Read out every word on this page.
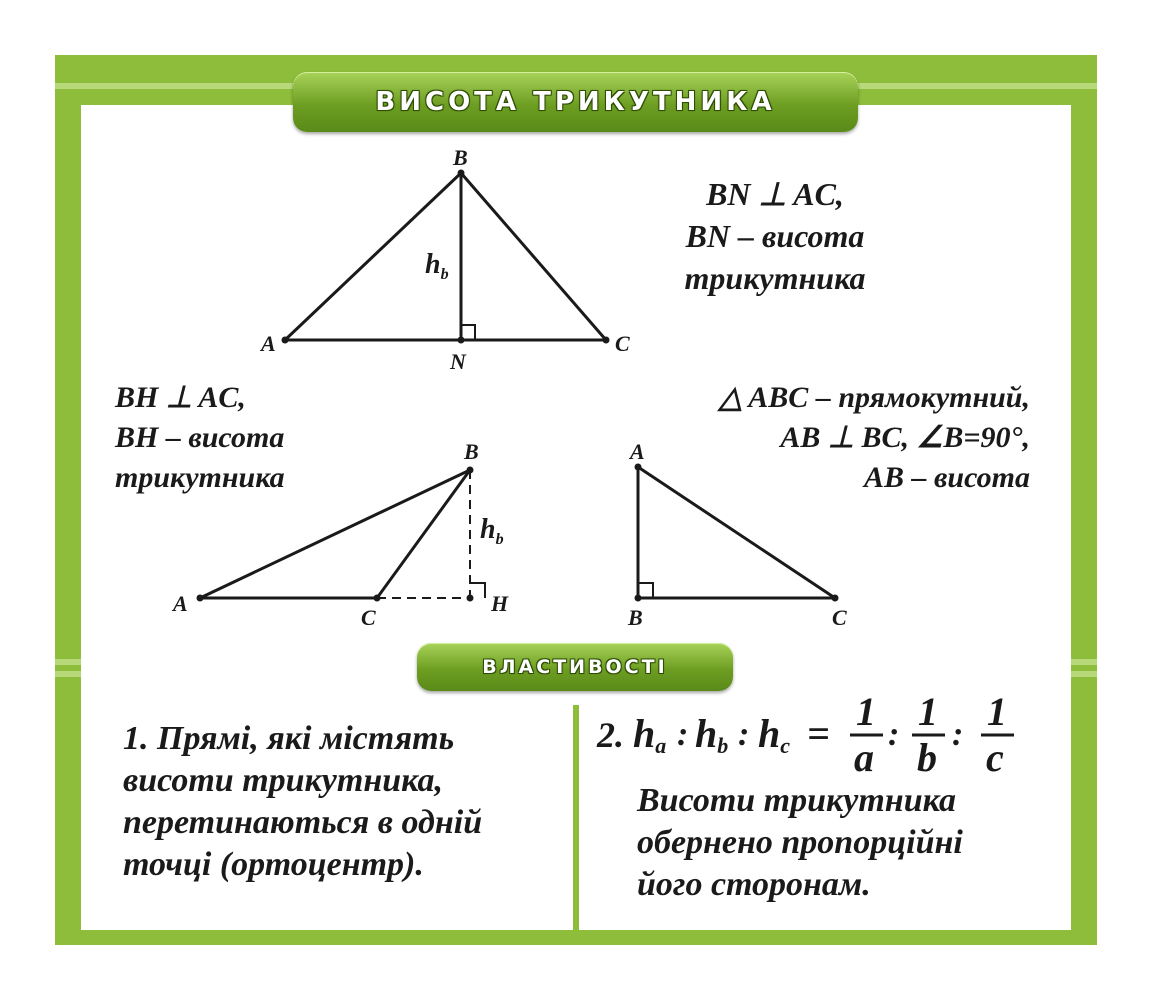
ВИСОТА ТРИКУТНИКА
ВЛАСТИВОСТІ
A
B
C
N
$h_b$
A
B
C
H
$h_b$
A
B	C
2. ha : hb : hc = 1
a
:
1
b
:
1
c
BN ⊥ AC,
BN – висота
трикутника
BH ⊥ AC,
BH – висота
трикутника
△ ABC – прямокутний,
AB ⊥ BC, ∠B=90°,
AB – висота
1. Прямі, які містять
висоти трикутника,
перетинаються в одній
точці (ортоцентр).
Висоти трикутника
обернено пропорційні
його сторонам.
